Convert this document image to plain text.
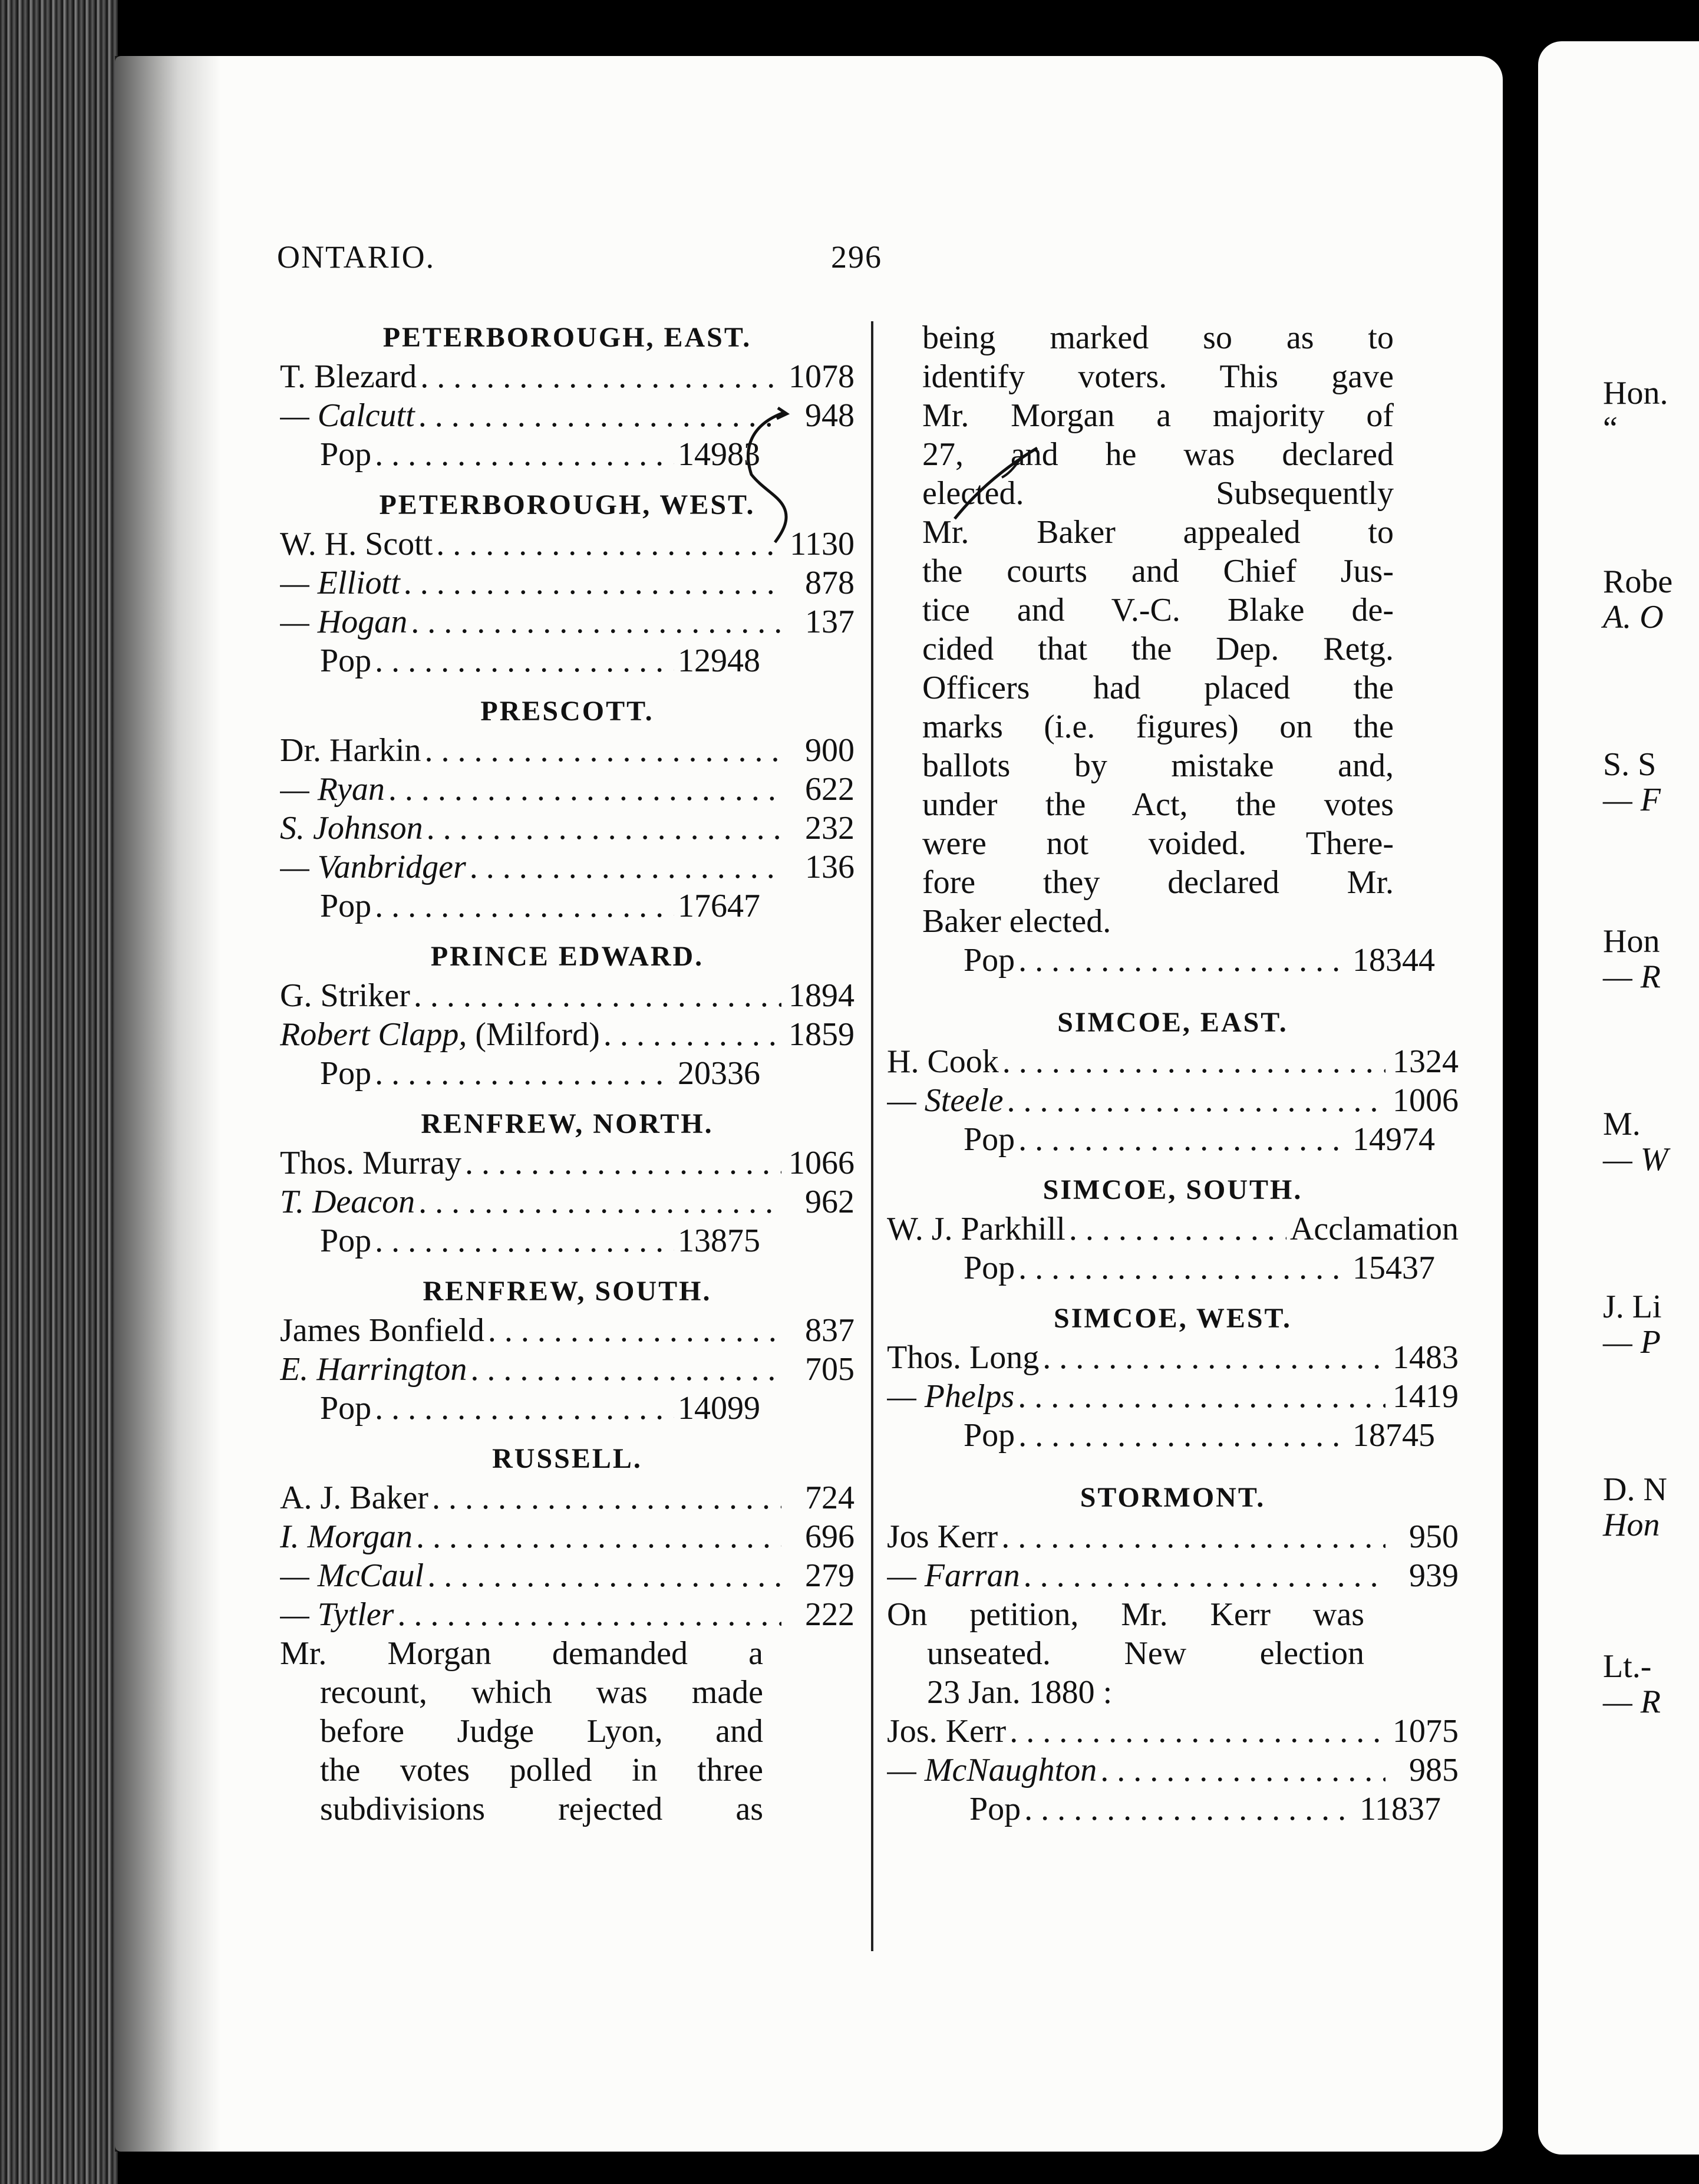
Hon.
“
Robe
A. O
S. S
— F
Hon
— R
M.
— W
J. Li
— P
D. N
Hon
Lt.-
— R
ONTARIO.	296
PETERBOROUGH, EAST.
T. Blezard . . .	1078
— Calcutt . . .	948
Pop . . .	14983
PETERBOROUGH, WEST.
W. H. Scott . . .	1130
— Elliott . . .	878
— Hogan . . .	137
Pop . . .	12948
PRESCOTT.
Dr. Harkin . . .	900
— Ryan . . .	622
S. Johnson . . .	232
— Vanbridger . . .	136
Pop . . .	17647
PRINCE EDWARD.
G. Striker . . .	1894
Robert Clapp, (Milford) . . .	1859
Pop . . .	20336
RENFREW, NORTH.
Thos. Murray . . .	1066
T. Deacon . . .	962
Pop . . .	13875
RENFREW, SOUTH.
James Bonfield . . .	837
E. Harrington . . .	705
Pop . . .	14099
RUSSELL.
A. J. Baker . . .	724
I. Morgan . . .	696
— McCaul . . .	279
— Tytler . . .	222
Mr. Morgan demanded a
recount, which was made
before Judge Lyon, and
the votes polled in three
subdivisions rejected as
being marked so as to
identify voters. This gave
Mr. Morgan a majority of
27, and he was declared
elected. Subsequently
Mr. Baker appealed to
the courts and Chief Jus-
tice and V.-C. Blake de-
cided that the Dep. Retg.
Officers had placed the
marks (i.e. figures) on the
ballots by mistake and,
under the Act, the votes
were not voided. There-
fore they declared Mr.
Baker elected.
Pop . . .	18344
SIMCOE, EAST.
H. Cook . . .	1324
— Steele . . .	1006
Pop . . .	14974
SIMCOE, SOUTH.
W. J. Parkhill . . .	Acclamation
Pop . . .	15437
SIMCOE, WEST.
Thos. Long . . .	1483
— Phelps . . .	1419
Pop . . .	18745
STORMONT.
Jos Kerr . . .	950
— Farran . . .	939
On petition, Mr. Kerr was
unseated. New election
23 Jan. 1880 :
Jos. Kerr . . .	1075
— McNaughton . . .	985
Pop . . .	11837
